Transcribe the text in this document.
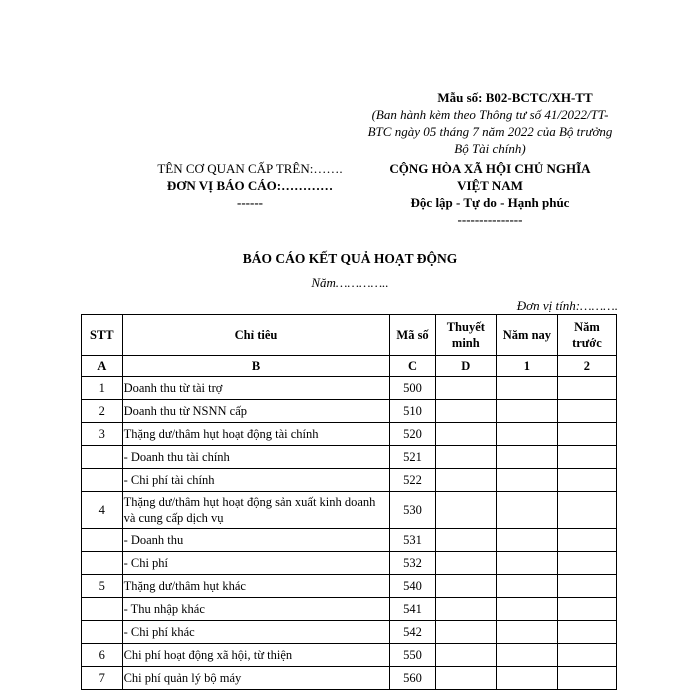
Mẫu số: B02-BCTC/XH-TT
(Ban hành kèm theo Thông tư số 41/2022/TT-
BTC ngày 05 tháng 7 năm 2022 của Bộ trưởng
Bộ Tài chính)
TÊN CƠ QUAN CẤP TRÊN:…….
ĐƠN VỊ BÁO CÁO:…………
------
CỘNG HÒA XÃ HỘI CHỦ NGHĨA
VIỆT NAM
Độc lập - Tự do - Hạnh phúc
---------------
BÁO CÁO KẾT QUẢ HOẠT ĐỘNG
Năm…………..
Đơn vị tính:……….
STT	Chỉ tiêu	Mã số	Thuyết minh	Năm nay	Năm trước
A	B	C	D	1	2
1	Doanh thu từ tài trợ	500			
2	Doanh thu từ NSNN cấp	510			
3	Thặng dư/thâm hụt hoạt động tài chính	520			
	- Doanh thu tài chính	521			
	- Chi phí tài chính	522			
4	Thặng dư/thâm hụt hoạt động sản xuất kinh doanh và cung cấp dịch vụ	530			
	- Doanh thu	531			
	- Chi phí	532			
5	Thặng dư/thâm hụt khác	540			
	- Thu nhập khác	541			
	- Chi phí khác	542			
6	Chi phí hoạt động xã hội, từ thiện	550			
7	Chi phí quản lý bộ máy	560			
